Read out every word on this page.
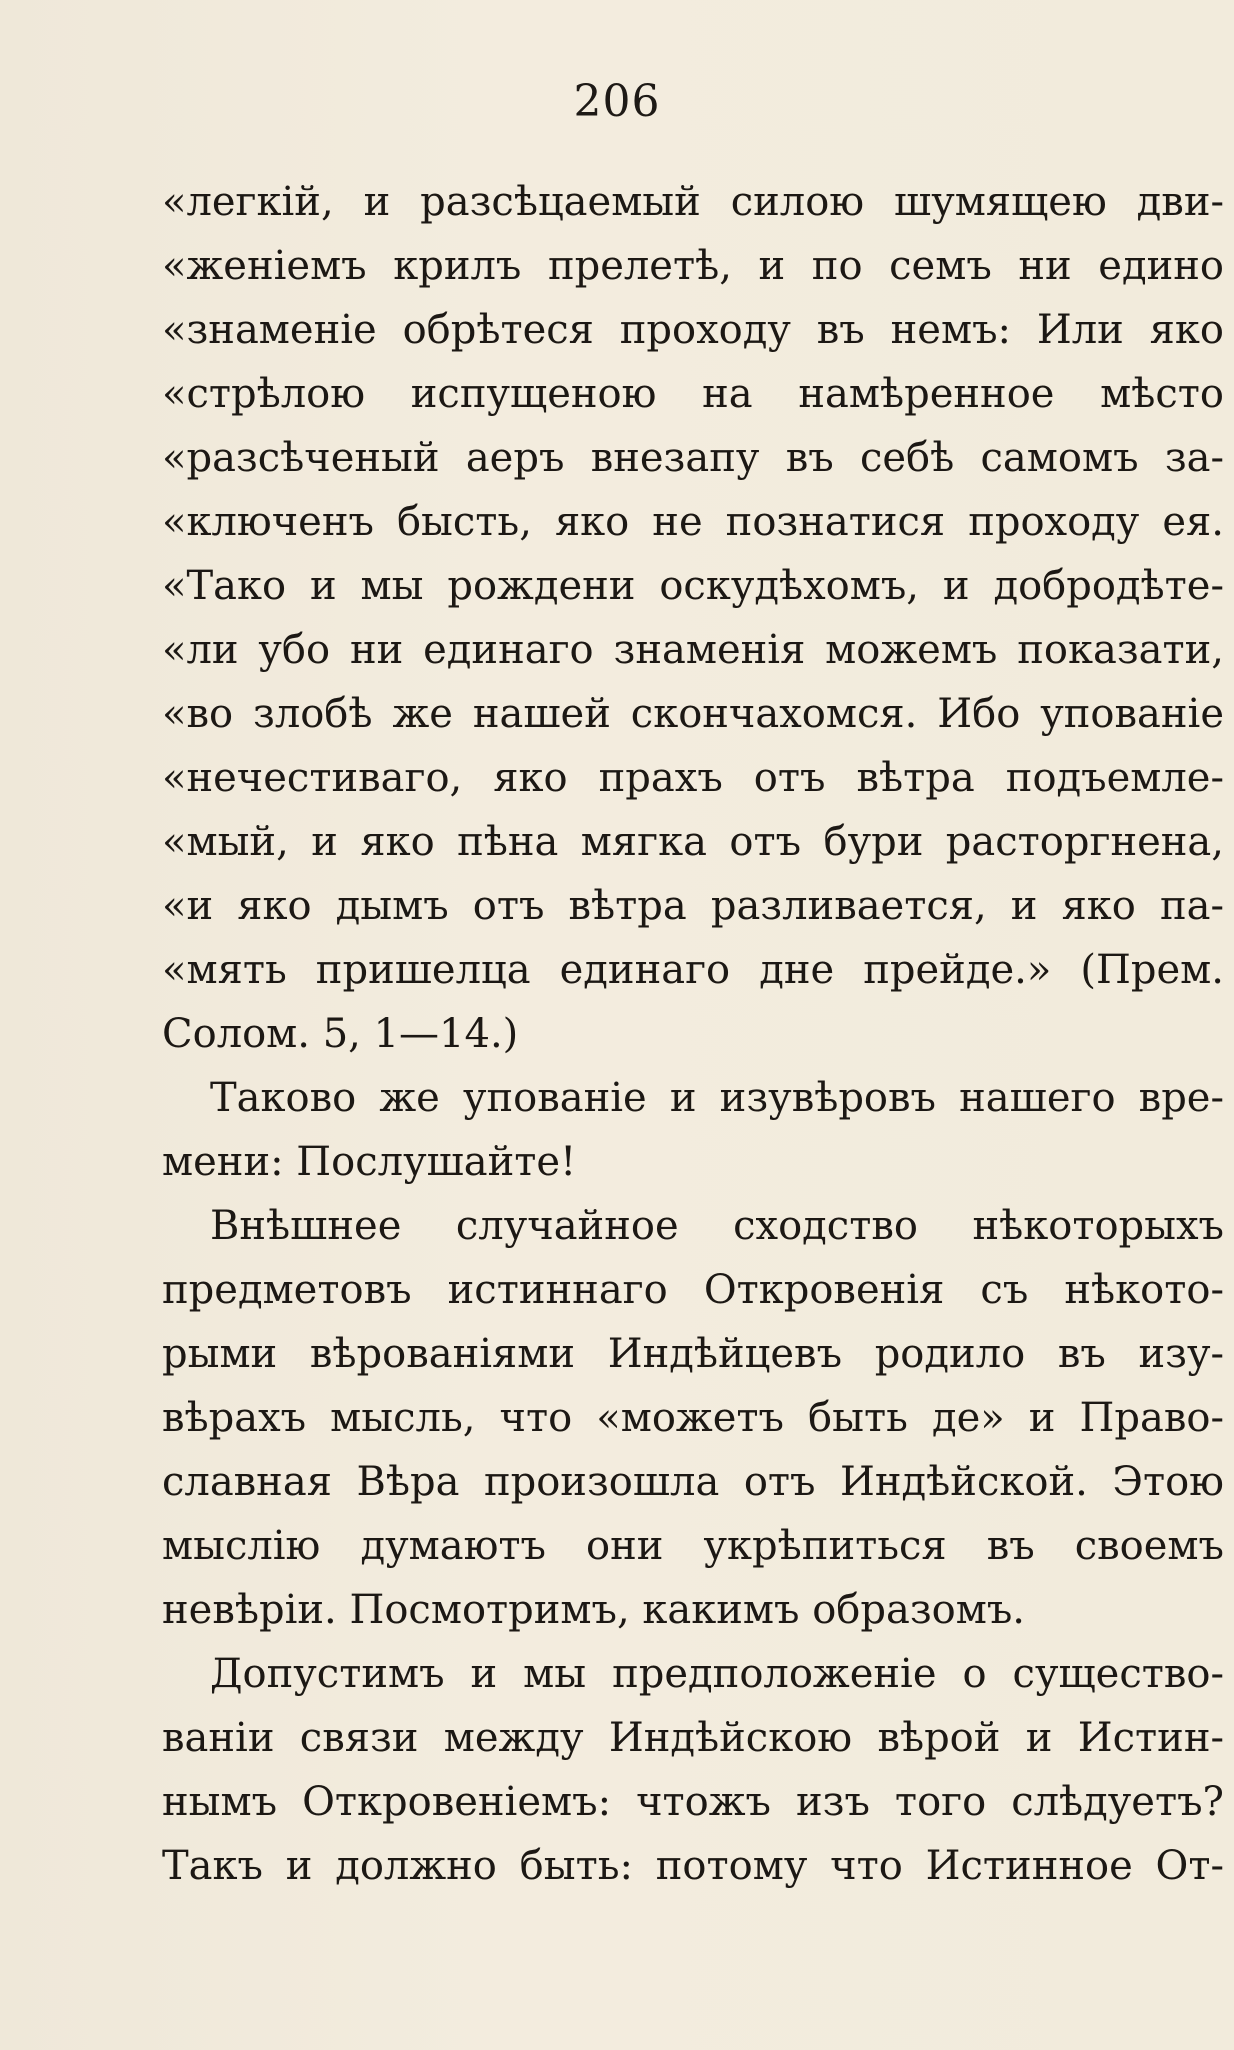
206
«легкій, и разсѣцаемый силою шумящею дви-
«женіемъ крилъ прелетѣ, и по семъ ни едино
«знаменіе обрѣтеся проходу въ немъ: Или яко
«стрѣлою испущеною на намѣренное мѣсто
«разсѣченый аеръ внезапу въ себѣ самомъ за-
«ключенъ бысть, яко не познатися проходу ея.
«Тако и мы рождени оскудѣхомъ, и добродѣте-
«ли убо ни единаго знаменія можемъ показати,
«во злобѣ же нашей скончахомся. Ибо упованіе
«нечестиваго, яко прахъ отъ вѣтра подъемле-
«мый, и яко пѣна мягка отъ бури расторгнена,
«и яко дымъ отъ вѣтра разливается, и яко па-
«мять пришелца единаго дне прейде.» (Прем.
Солом. 5, 1—14.)
Таково же упованіе и изувѣровъ нашего вре-
мени: Послушайте!
Внѣшнее случайное сходство нѣкоторыхъ
предметовъ истиннаго Откровенія съ нѣкото-
рыми вѣрованіями Индѣйцевъ родило въ изу-
вѣрахъ мысль, что «можетъ быть де» и Право-
славная Вѣра произошла отъ Индѣйской. Этою
мыслію думаютъ они укрѣпиться въ своемъ
невѣріи. Посмотримъ, какимъ образомъ.
Допустимъ и мы предположеніе о существо-
ваніи связи между Индѣйскою вѣрой и Истин-
нымъ Откровеніемъ: чтожъ изъ того слѣдуетъ?
Такъ и должно быть: потому что Истинное От-
